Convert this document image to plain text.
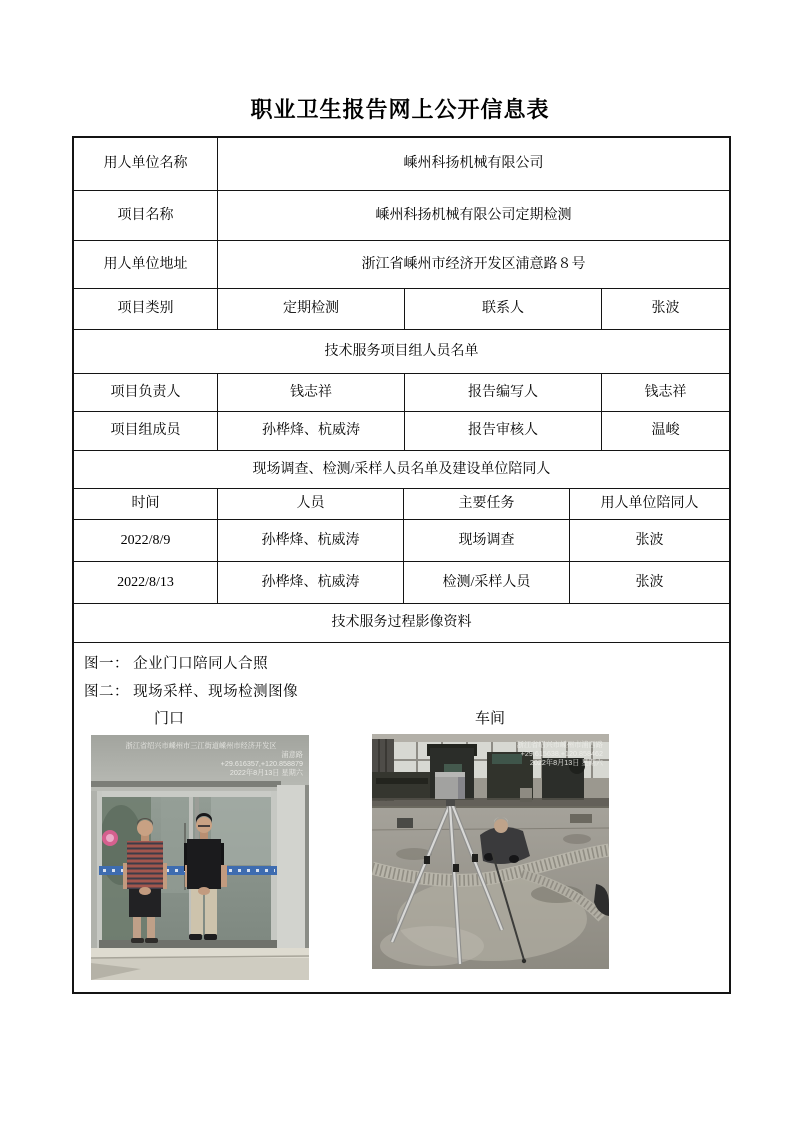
职业卫生报告网上公开信息表
用人单位名称	嵊州科扬机械有限公司
项目名称	嵊州科扬机械有限公司定期检测
用人单位地址	浙江省嵊州市经济开发区浦意路８号
项目类别	定期检测	联系人	张波
技术服务项目组人员名单
项目负责人	钱志祥	报告编写人	钱志祥
项目组成员	孙桦烽、杭威涛	报告审核人	温峻
现场调查、检测/采样人员名单及建设单位陪同人
时间	人员	主要任务	用人单位陪同人
2022/8/9	孙桦烽、杭威涛	现场调查	张波
2022/8/13	孙桦烽、杭威涛	检测/采样人员	张波
技术服务过程影像资料
图一： 企业门口陪同人合照
图二： 现场采样、现场检测图像
门口	车间
浙江省绍兴市嵊州市三江街道嵊州市经济开发区
浦意路
+29.616357,+120.858879
2022年8月13日 星期六
浙江省绍兴市嵊州市浦西路
+29.615638,+120.858462
2022年8月13日 星期六
